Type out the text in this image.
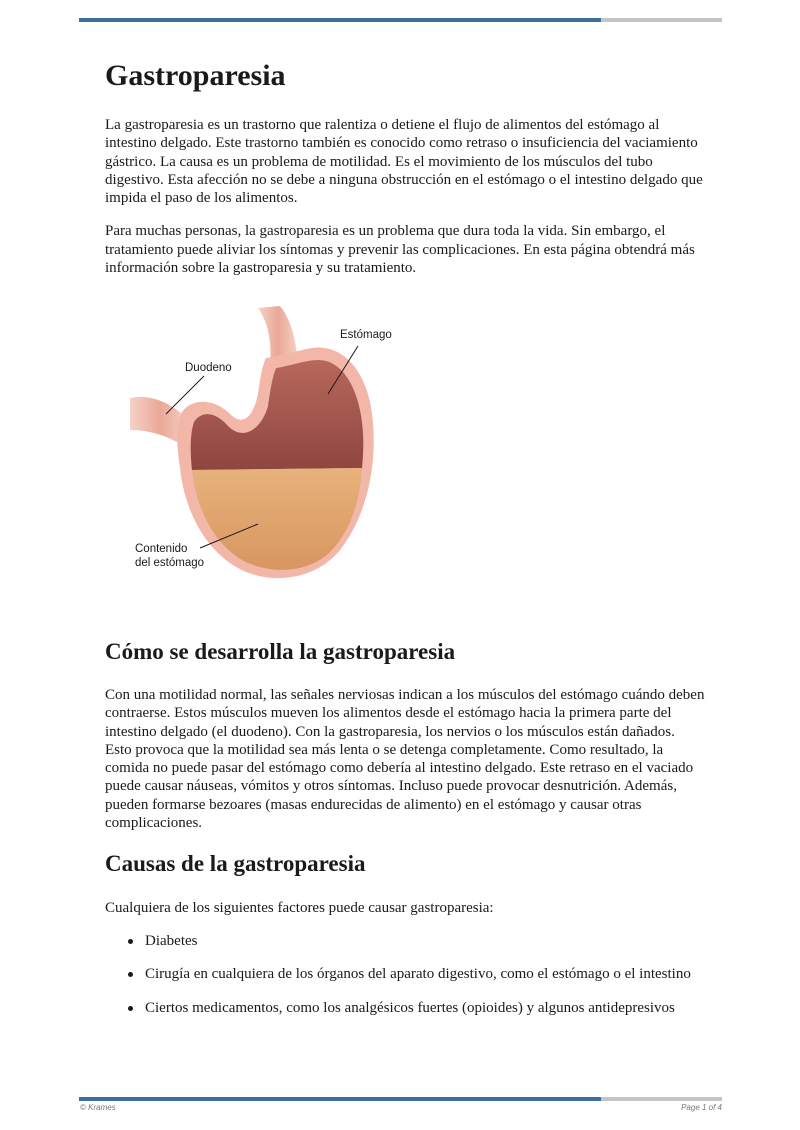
Gastroparesia

La gastroparesia es un trastorno que ralentiza o detiene el flujo de alimentos del estómago al intestino delgado. Este trastorno también es conocido como retraso o insuficiencia del vaciamiento gástrico. La causa es un problema de motilidad. Es el movimiento de los músculos del tubo digestivo. Esta afección no se debe a ninguna obstrucción en el estómago o el intestino delgado que impida el paso de los alimentos.

Para muchas personas, la gastroparesia es un problema que dura toda la vida. Sin embargo, el tratamiento puede aliviar los síntomas y prevenir las complicaciones. En esta página obtendrá más información sobre la gastroparesia y su tratamiento.

Estómago
Duodeno
Contenido
del estómago
Cómo se desarrolla la gastroparesia

Con una motilidad normal, las señales nerviosas indican a los músculos del estómago cuándo deben contraerse. Estos músculos mueven los alimentos desde el estómago hacia la primera parte del intestino delgado (el duodeno). Con la gastroparesia, los nervios o los músculos están dañados. Esto provoca que la motilidad sea más lenta o se detenga completamente. Como resultado, la comida no puede pasar del estómago como debería al intestino delgado. Este retraso en el vaciado puede causar náuseas, vómitos y otros síntomas. Incluso puede provocar desnutrición. Además, pueden formarse bezoares (masas endurecidas de alimento) en el estómago y causar otras complicaciones.

Causas de la gastroparesia

Cualquiera de los siguientes factores puede causar gastroparesia:

Diabetes
Cirugía en cualquiera de los órganos del aparato digestivo, como el estómago o el intestino
Ciertos medicamentos, como los analgésicos fuertes (opioides) y algunos antidepresivos
© Krames	Page 1 of 4
